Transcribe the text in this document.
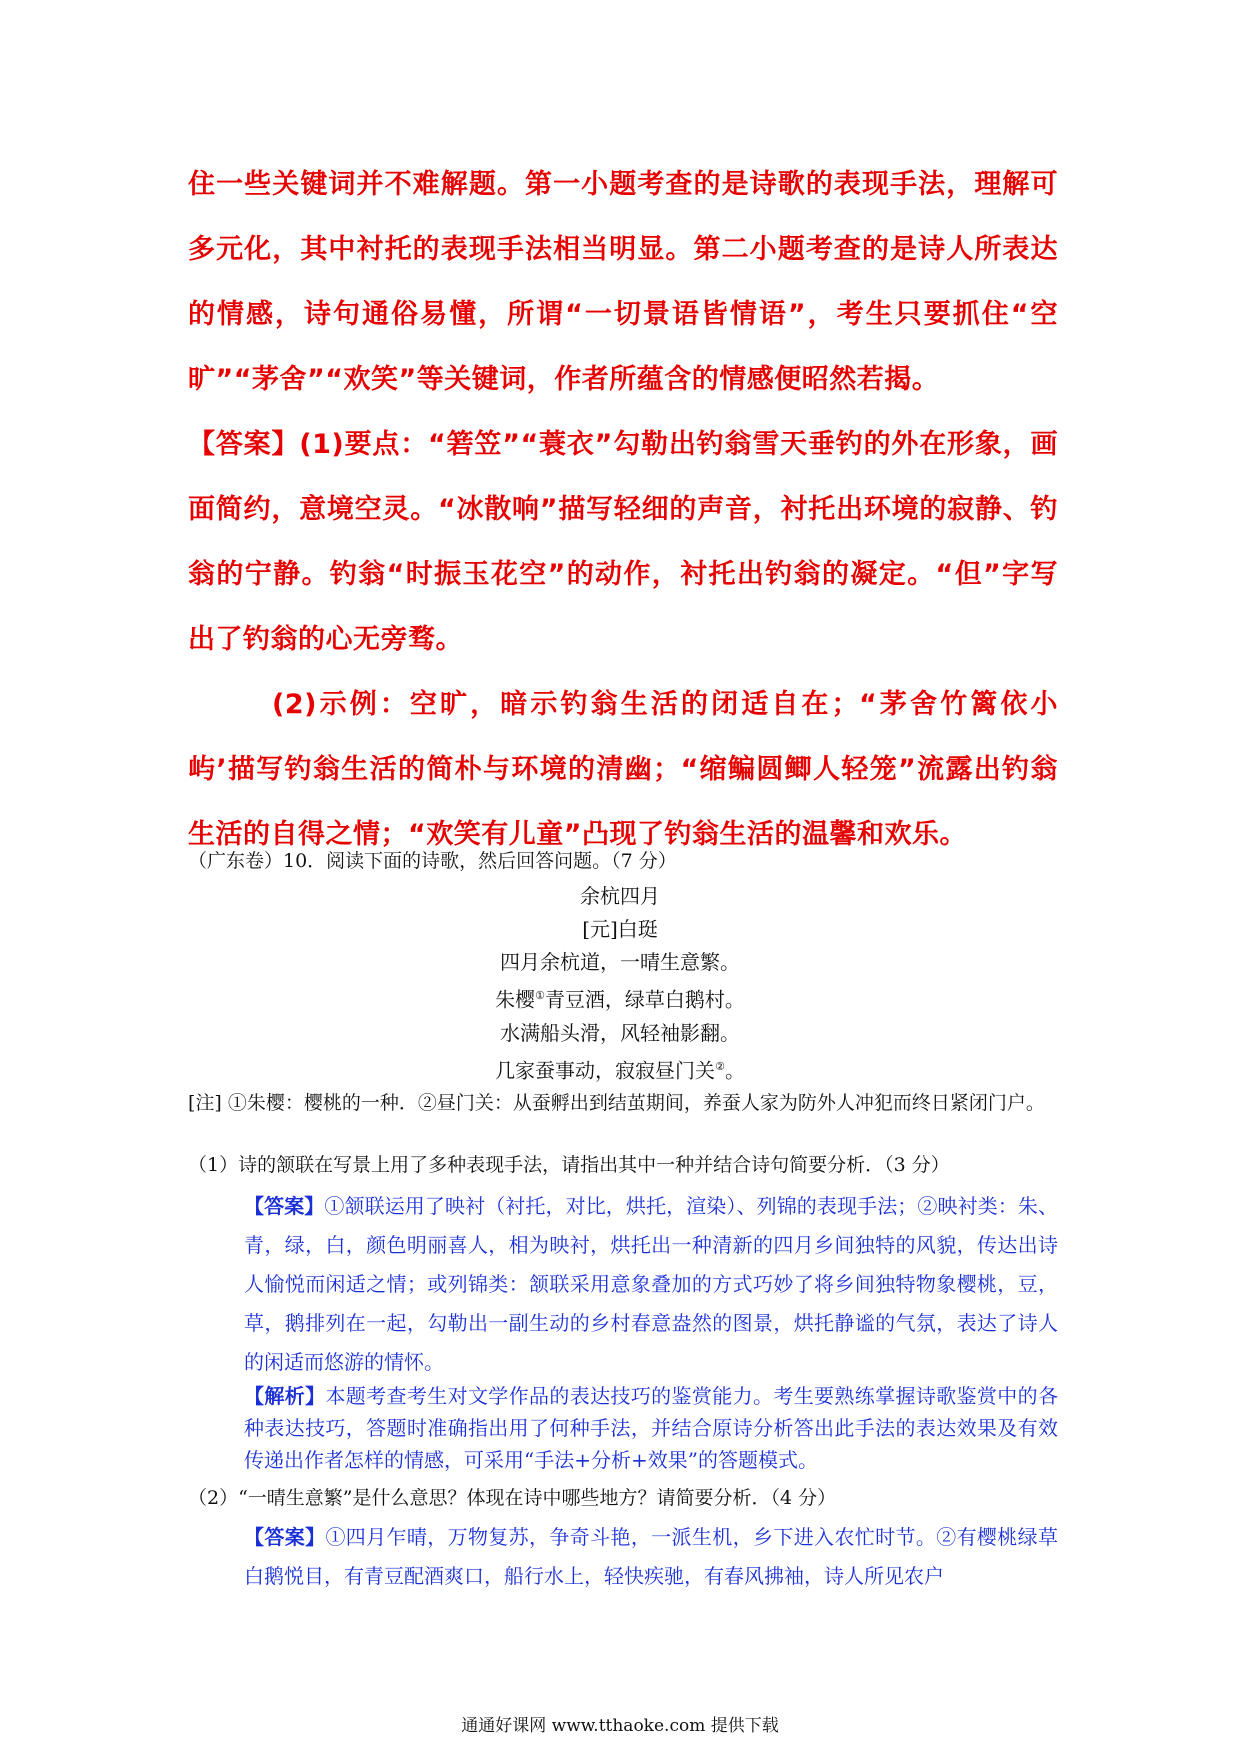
住一些关键词并不难解题。第一小题考查的是诗歌的表现手法，理解可多元化，其中衬托的表现手法相当明显。第二小题考查的是诗人所表达的情感，诗句通俗易懂，所谓“一切景语皆情语”，考生只要抓住“空旷”“茅舍”“欢笑”等关键词，作者所蕴含的情感便昭然若揭。
【答案】(1)要点：“箬笠”“蓑衣”勾勒出钓翁雪天垂钓的外在形象，画面简约，意境空灵。“冰散响”描写轻细的声音，衬托出环境的寂静、钓翁的宁静。钓翁“时振玉花空”的动作，衬托出钓翁的凝定。“但”字写出了钓翁的心无旁骛。
(2)示例：空旷，暗示钓翁生活的闭适自在；“茅舍竹篱依小屿’描写钓翁生活的简朴与环境的清幽；“缩鳊圆鲫人轻笼”流露出钓翁生活的自得之情；“欢笑有儿童”凸现了钓翁生活的温馨和欢乐。
（广东卷）10．阅读下面的诗歌，然后回答问题。（7 分）
余杭四月
[元]白珽
四月余杭道，一晴生意繁。
朱樱①青豆酒，绿草白鹅村。
水满船头滑，风轻袖影翻。
几家蚕事动，寂寂昼门关②。
[注] ①朱樱：樱桃的一种．②昼门关：从蚕孵出到结茧期间，养蚕人家为防外人冲犯而终日紧闭门户。
（1）诗的颔联在写景上用了多种表现手法，请指出其中一种并结合诗句简要分析．（3 分）
【答案】①颔联运用了映衬（衬托，对比，烘托，渲染）、列锦的表现手法；②映衬类：朱、青，绿，白，颜色明丽喜人，相为映衬，烘托出一种清新的四月乡间独特的风貌，传达出诗人愉悦而闲适之情；或列锦类：颔联采用意象叠加的方式巧妙了将乡间独特物象樱桃，豆，草，鹅排列在一起，勾勒出一副生动的乡村春意盎然的图景，烘托静谧的气氛，表达了诗人的闲适而悠游的情怀。
【解析】本题考查考生对文学作品的表达技巧的鉴赏能力。考生要熟练掌握诗歌鉴赏中的各种表达技巧，答题时准确指出用了何种手法，并结合原诗分析答出此手法的表达效果及有效传递出作者怎样的情感，可采用“手法+分析+效果”的答题模式。
（2）“一晴生意繁”是什么意思？体现在诗中哪些地方？请简要分析．（4 分）
【答案】①四月乍晴，万物复苏，争奇斗艳，一派生机，乡下进入农忙时节。②有樱桃绿草白鹅悦目，有青豆配酒爽口，船行水上，轻快疾驰，有春风拂袖，诗人所见农户
通通好课网 www.tthaoke.com 提供下载
